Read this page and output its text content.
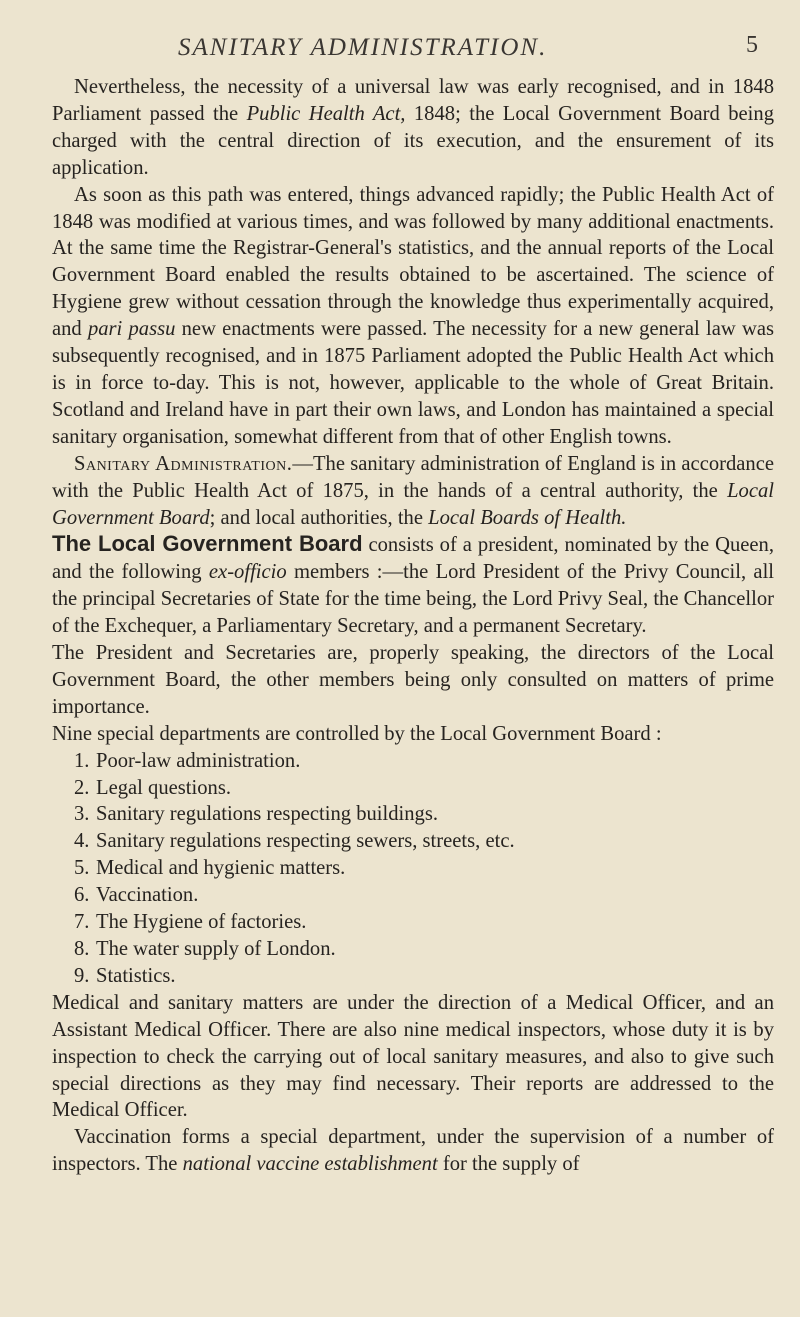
SANITARY ADMINISTRATION.	5

Nevertheless, the necessity of a universal law was early recognised, and in 1848 Parliament passed the Public Health Act, 1848; the Local Government Board being charged with the central direction of its execution, and the ensurement of its application.

As soon as this path was entered, things advanced rapidly; the Public Health Act of 1848 was modified at various times, and was followed by many additional enactments. At the same time the Registrar-General's statistics, and the annual reports of the Local Government Board enabled the results obtained to be ascertained. The science of Hygiene grew without cessation through the knowledge thus experimentally acquired, and pari passu new enactments were passed. The necessity for a new general law was subsequently recognised, and in 1875 Parliament adopted the Public Health Act which is in force to-day. This is not, however, applicable to the whole of Great Britain. Scotland and Ireland have in part their own laws, and London has maintained a special sanitary organisation, somewhat different from that of other English towns.

Sanitary Administration.—The sanitary administration of England is in accordance with the Public Health Act of 1875, in the hands of a central authority, the Local Government Board; and local authorities, the Local Boards of Health.

The Local Government Board consists of a president, nominated by the Queen, and the following ex-officio members :—the Lord President of the Privy Council, all the principal Secretaries of State for the time being, the Lord Privy Seal, the Chancellor of the Exchequer, a Parliamentary Secretary, and a permanent Secretary.

The President and Secretaries are, properly speaking, the directors of the Local Government Board, the other members being only consulted on matters of prime importance.

Nine special departments are controlled by the Local Government Board :

1. Poor-law administration.
2. Legal questions.
3. Sanitary regulations respecting buildings.
4. Sanitary regulations respecting sewers, streets, etc.
5. Medical and hygienic matters.
6. Vaccination.
7. The Hygiene of factories.
8. The water supply of London.
9. Statistics.

Medical and sanitary matters are under the direction of a Medical Officer, and an Assistant Medical Officer. There are also nine medical inspectors, whose duty it is by inspection to check the carrying out of local sanitary measures, and also to give such special directions as they may find necessary. Their reports are addressed to the Medical Officer.

Vaccination forms a special department, under the supervision of a number of inspectors. The national vaccine establishment for the supply of
